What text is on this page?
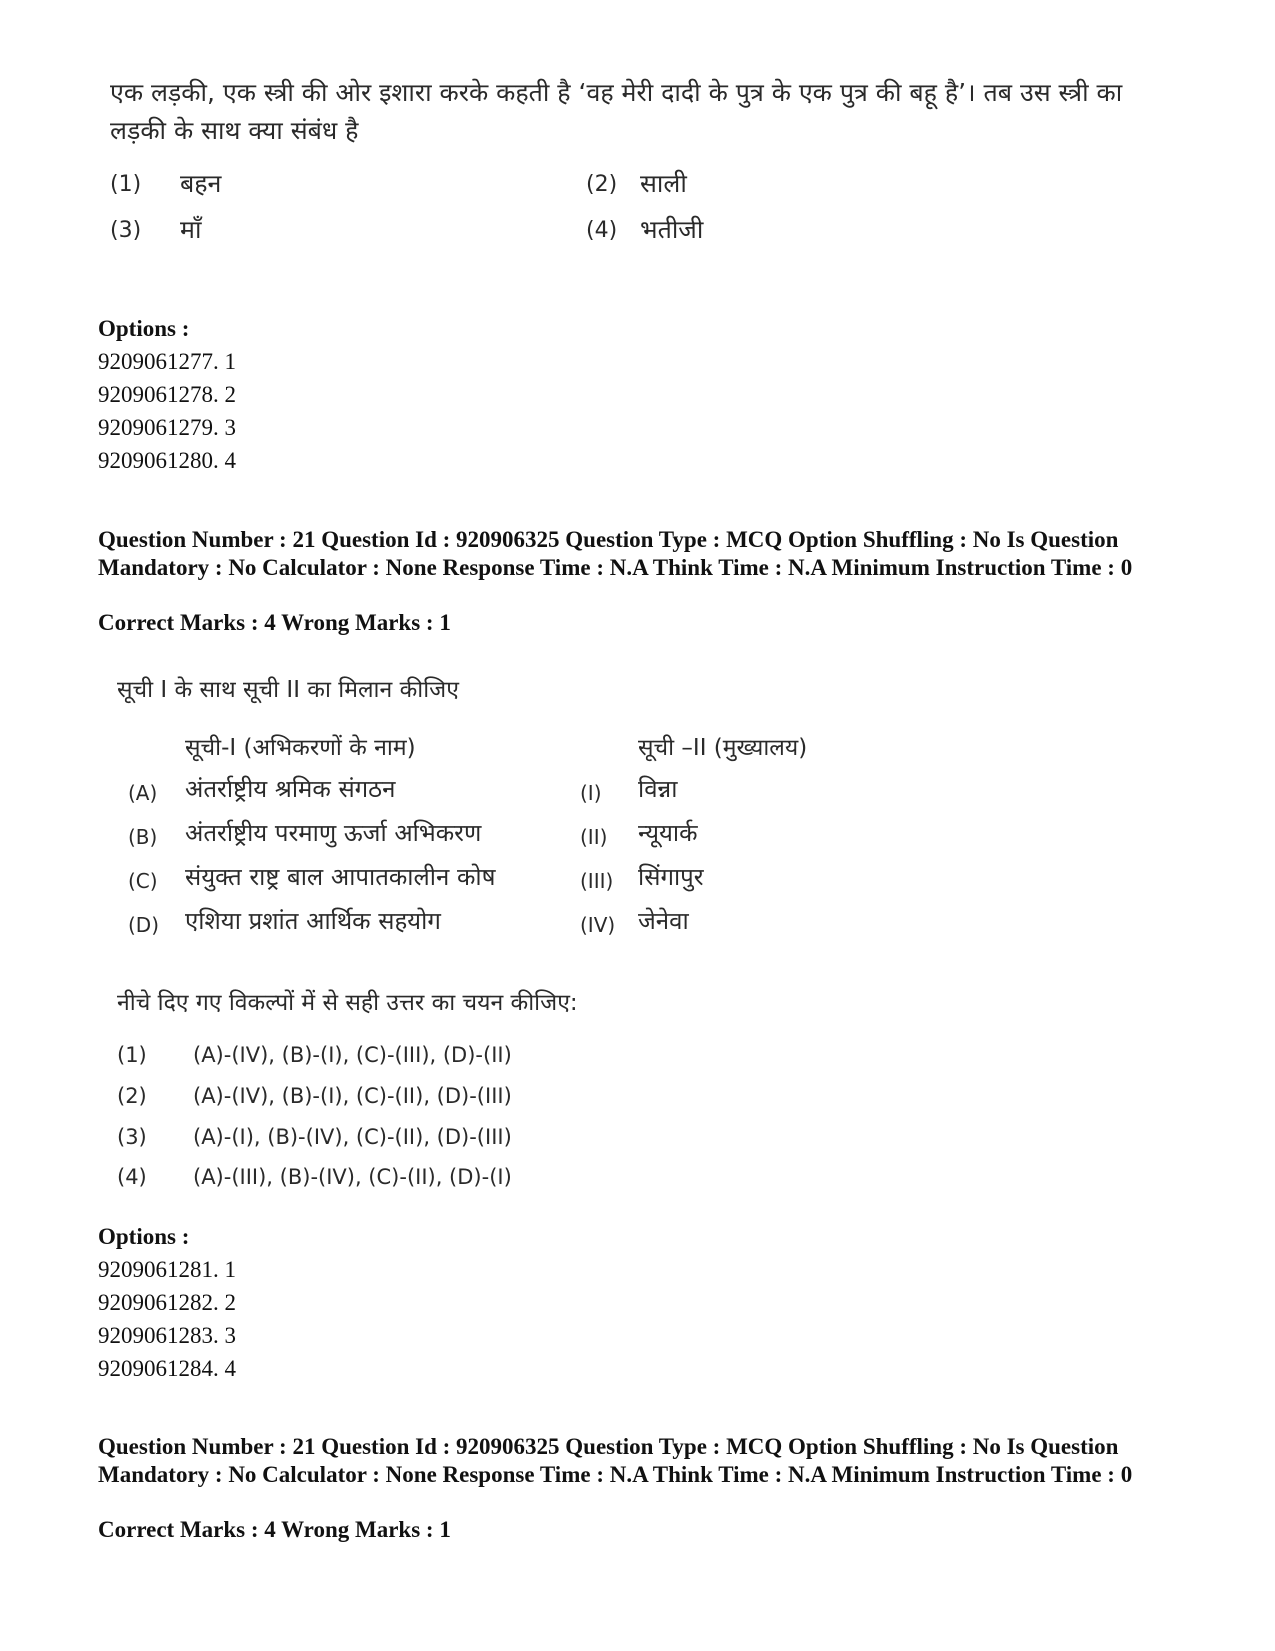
एक लड़की, एक स्त्री की ओर इशारा करके कहती है ‘वह मेरी दादी के पुत्र के एक पुत्र की बहू है’। तब उस स्त्री का लड़की के साथ क्या संबंध है
(1) बहन	(2) साली
(3) माँ	(4) भतीजी
Options :
9209061277. 1
9209061278. 2
9209061279. 3
9209061280. 4
Question Number : 21 Question Id : 920906325 Question Type : MCQ Option Shuffling : No Is Question Mandatory : No Calculator : None Response Time : N.A Think Time : N.A Minimum Instruction Time : 0
Correct Marks : 4 Wrong Marks : 1
सूची I के साथ सूची II का मिलान कीजिए
सूची-I (अभिकरणों के नाम)	सूची –II (मुख्यालय)
(A) अंतर्राष्ट्रीय श्रमिक संगठन	(I) विन्ना
(B) अंतर्राष्ट्रीय परमाणु ऊर्जा अभिकरण	(II) न्यूयार्क
(C) संयुक्त राष्ट्र बाल आपातकालीन कोष	(III) सिंगापुर
(D) एशिया प्रशांत आर्थिक सहयोग	(IV) जेनेवा
नीचे दिए गए विकल्पों में से सही उत्तर का चयन कीजिए:
(1) (A)-(IV), (B)-(I), (C)-(III), (D)-(II)
(2) (A)-(IV), (B)-(I), (C)-(II), (D)-(III)
(3) (A)-(I), (B)-(IV), (C)-(II), (D)-(III)
(4) (A)-(III), (B)-(IV), (C)-(II), (D)-(I)
Options :
9209061281. 1
9209061282. 2
9209061283. 3
9209061284. 4
Question Number : 21 Question Id : 920906325 Question Type : MCQ Option Shuffling : No Is Question Mandatory : No Calculator : None Response Time : N.A Think Time : N.A Minimum Instruction Time : 0
Correct Marks : 4 Wrong Marks : 1
